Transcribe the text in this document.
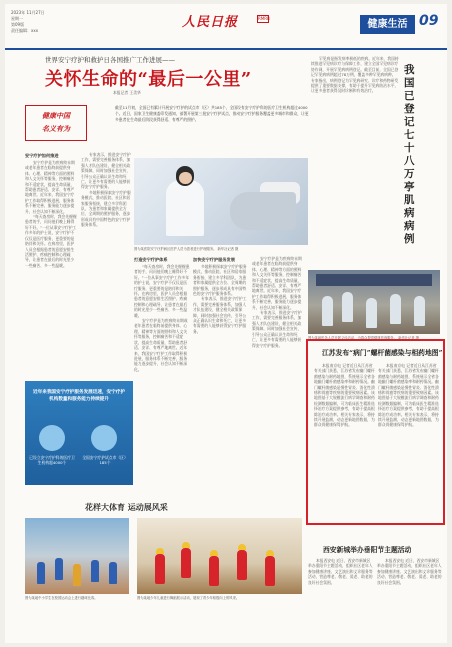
2023年 11月27日
星期一
第09版
责任编辑：xxx
人民日报	RMRB
健康生活 09
世界安宁疗护和救护日各国推广工作进展——
关怀生命的“最后一公里”
本报记者 王美华
健康中国
名义有为
截至11月初，全国已有累计开展安宁疗护的试点市（区）共185个，全国设有安宁疗护科的医疗卫生机构超过4000个。近日，国家卫生健康委印发通知，部署开展第三批安宁疗护试点，推动安宁疗护服务覆盖更多城市和群众，让更多患者在生命最后阶段获得舒适、有尊严的照护。
我国已登记七十八万亭肌病病例

罕见病是指发病率极低的疾病。近年来，我国持续推进罕见病诊疗与保障工作，建立全国罕见病诊疗协作网，开展罕见病病例登记。截至目前，全国已登记罕见病病例超过78万例，覆盖多种罕见病病种。专家指出，病例登记为罕见病研究、诊疗和药物研发提供了重要数据支撑，有助于提升罕见病防治水平，让更多患者获得及时诊断和有效治疗。

安宁疗护如何推进

安宁疗护是为疾病终末期或老年患者在临终前提供身体、心理、精神等方面的照料和人文关怀等服务，控制痛苦和不适症状，提高生命质量，帮助患者舒适、安详、有尊严地离世。近年来，我国安宁疗护工作取得积极进展，服务体系不断完善，服务能力逐步提升，社会认知不断深化。

“每天查房时，我会先握握患者的手，问问他们晚上睡得好不好。”一位从事安宁疗护工作多年的护士说，安宁疗护不仅仅是医疗服务，更重要的是陪伴和关怀。在病房里，医护人员会根据患者的意愿安排生活照护、疼痛控制和心理疏导，让患者在最后的时光里少一些痛苦、多一些温暖。

专家表示，推进安宁疗护工作，需要完善服务体系，加强人才队伍建设，健全相关政策保障，同时加强社会宣传，引导公众正确认识生命和死亡，让更多有需要的人能够获得安宁疗护服务。

多地积极探索安宁疗护服务模式，推动医院、社区和居家服务衔接，建立多学科团队，为患者和家属提供全方位、全周期的照护服务，逐步形成具有中国特色的安宁疗护服务体系。

图为某医院安宁疗护病区医护人员为患者进行护理服务。 新华社记者 摄
打造安宁疗护体系

“每天查房时，我会先握握患者的手，问问他们晚上睡得好不好。”一位从事安宁疗护工作多年的护士说，安宁疗护不仅仅是医疗服务，更重要的是陪伴和关怀。在病房里，医护人员会根据患者的意愿安排生活照护、疼痛控制和心理疏导，让患者在最后的时光里少一些痛苦、多一些温暖。

安宁疗护是为疾病终末期或老年患者在临终前提供身体、心理、精神等方面的照料和人文关怀等服务，控制痛苦和不适症状，提高生命质量，帮助患者舒适、安详、有尊严地离世。近年来，我国安宁疗护工作取得积极进展，服务体系不断完善，服务能力逐步提升，社会认知不断深化。

加快安宁疗护服务发展

多地积极探索安宁疗护服务模式，推动医院、社区和居家服务衔接，建立多学科团队，为患者和家属提供全方位、全周期的照护服务，逐步形成具有中国特色的安宁疗护服务体系。

专家表示，推进安宁疗护工作，需要完善服务体系，加强人才队伍建设，健全相关政策保障，同时加强社会宣传，引导公众正确认识生命和死亡，让更多有需要的人能够获得安宁疗护服务。

安宁疗护是为疾病终末期或老年患者在临终前提供身体、心理、精神等方面的照料和人文关怀等服务，控制痛苦和不适症状，提高生命质量，帮助患者舒适、安详、有尊严地离世。近年来，我国安宁疗护工作取得积极进展，服务体系不断完善，服务能力逐步提升，社会认知不断深化。

专家表示，推进安宁疗护工作，需要完善服务体系，加强人才队伍建设，健全相关政策保障，同时加强社会宣传，引导公众正确认识生命和死亡，让更多有需要的人能够获得安宁疗护服务。

近年来我国安宁疗护服务发展迅速，安宁疗护机构数量和服务能力持续提升
已设立安宁疗护科的医疗卫生机构超4000个
全国安宁疗护试点市（区）185个
图为某地医务人员开展义诊活动，为群众提供健康咨询服务。 新华社记者 摄
江苏发布“病门”螺杆菌感染与相药地图”

本报南京电 记者近日从江苏省有关部门获悉，江苏省发布幽门螺杆菌感染与耐药地图，系统展示全省各地幽门螺杆菌感染率和耐药情况。幽门螺杆菌感染是慢性胃炎、消化性溃疡和胃癌等疾病的重要致病因素。该地图基于大规模流行病学调查和耐药检测数据编制，可为临床医生精准选择治疗方案提供参考，有助于提高根除治疗成功率。相关专家表示，将持续开展监测，动态更新地图数据，为群众胃健康保驾护航。

本报南京电 记者近日从江苏省有关部门获悉，江苏省发布幽门螺杆菌感染与耐药地图，系统展示全省各地幽门螺杆菌感染率和耐药情况。幽门螺杆菌感染是慢性胃炎、消化性溃疡和胃癌等疾病的重要致病因素。该地图基于大规模流行病学调查和耐药检测数据编制，可为临床医生精准选择治疗方案提供参考，有助于提高根除治疗成功率。相关专家表示，将持续开展监测，动态更新地图数据，为群众胃健康保驾护航。

花样大体育 运动展风采
图为某地中小学生在校园运动会上进行趣味比赛。	图为某地少年儿童进行舞蹈展示活动，展现了青少年积极向上的风采。
西安新城举办垂阳节主题活动

本报西安电 近日，西安市新城区举办重阳节主题活动，组织社区老年人参加健康讲座、文艺演出和义诊服务等活动，营造尊老、敬老、爱老、助老的良好社会氛围。

本报西安电 近日，西安市新城区举办重阳节主题活动，组织社区老年人参加健康讲座、文艺演出和义诊服务等活动，营造尊老、敬老、爱老、助老的良好社会氛围。
